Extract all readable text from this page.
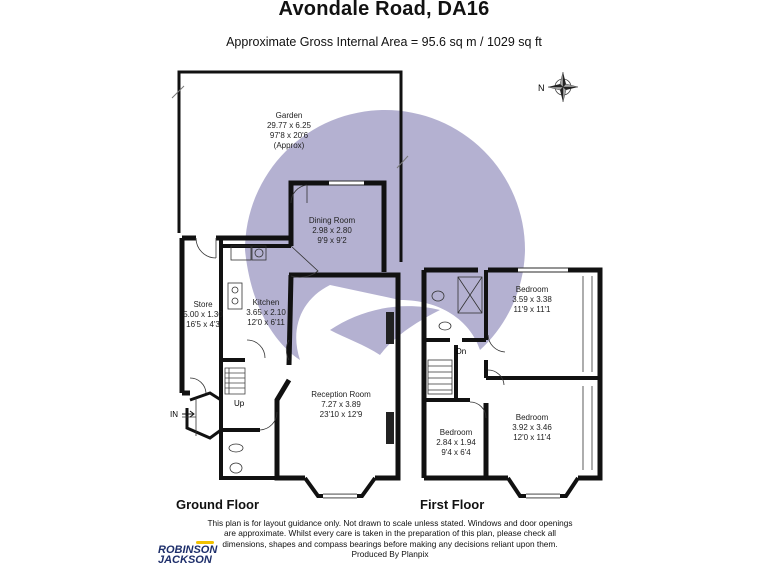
N
Garden
29.77 x 6.25
97'8 x 20'6
(Approx)
Dining Room
2.98 x 2.80
9'9 x 9'2
Store
5.00 x 1.30
16'5 x 4'3
Kitchen
3.65 x 2.10
12'0 x 6'11
Reception Room
7.27 x 3.89
23'10 x 12'9
Bedroom
3.59 x 3.38
11'9 x 11'1
Bedroom
3.92 x 3.46
12'0 x 11'4
Bedroom
2.84 x 1.94
9'4 x 6'4
Up
Dn
IN
Avondale Road, DA16
Approximate Gross Internal Area = 95.6 sq m / 1029 sq ft
Ground Floor	First Floor
This plan is for layout guidance only. Not drawn to scale unless stated. Windows and door openings
are approximate. Whilst every care is taken in the preparation of this plan, please check all
dimensions, shapes and compass bearings before making any decisions reliant upon them.
Produced By Planpix
ROBINSON
JACKSON
